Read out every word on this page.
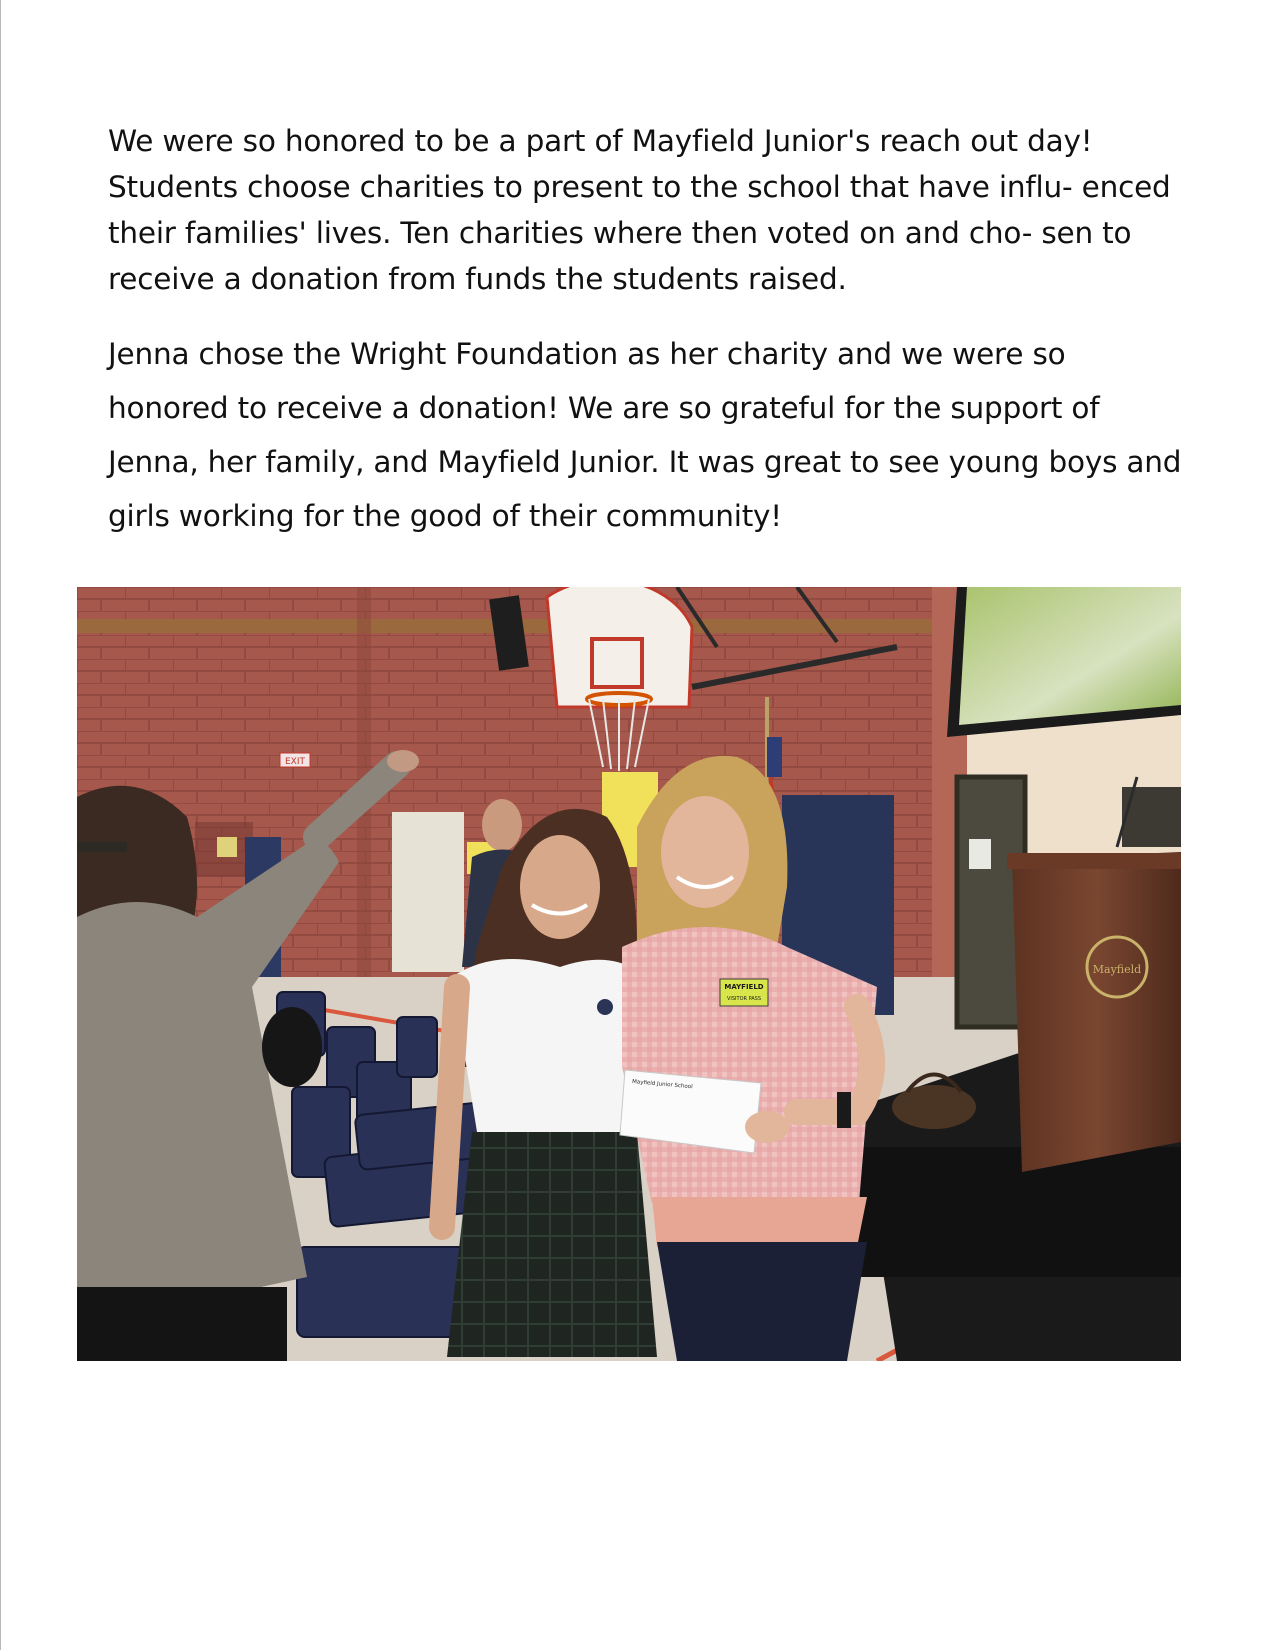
We were so honored to be a part of Mayfield Junior's reach out day! Students choose charities to present to the school that have influ- enced their families' lives. Ten charities where then voted on and cho- sen to receive a donation from funds the students raised.

Jenna chose the Wright Foundation as her charity and we were so honored to receive a donation! We are so grateful for the support of Jenna, her family, and Mayfield Junior. It was great to see young boys and girls working for the good of their community!

EXIT
Mayfield
MAYFIELD
VISITOR PASS
Mayfield Junior School
